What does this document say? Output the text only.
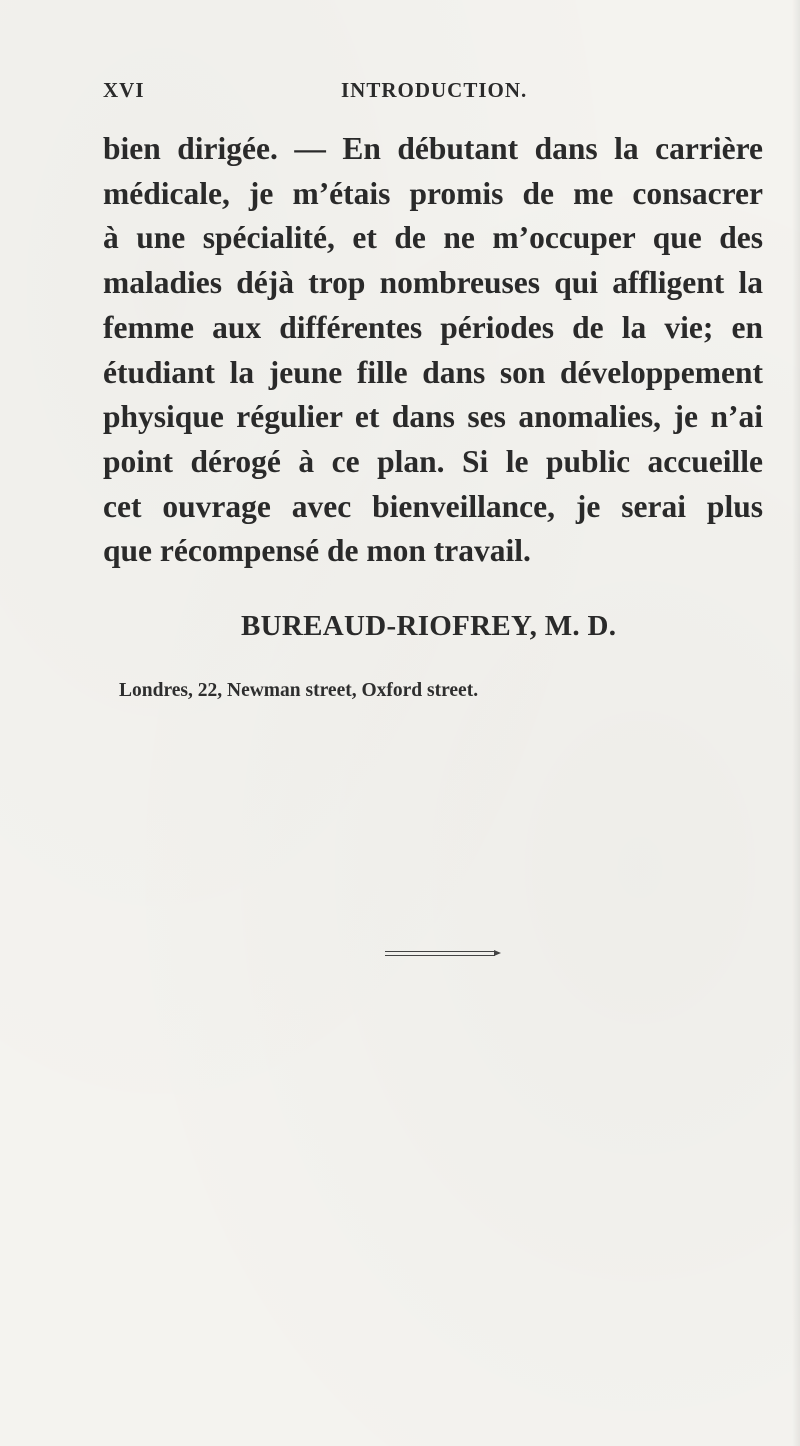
XVI	INTRODUCTION.
bien dirigée. — En débutant dans la carrière
médicale, je m’étais promis de me consacrer
à une spécialité, et de ne m’occuper que des
maladies déjà trop nombreuses qui affligent la
femme aux différentes périodes de la vie; en
étudiant la jeune fille dans son développement
physique régulier et dans ses anomalies, je n’ai
point dérogé à ce plan. Si le public accueille
cet ouvrage avec bienveillance, je serai plus
que récompensé de mon travail.
BUREAUD-RIOFREY, M. D.
Londres, 22, Newman street, Oxford street.
